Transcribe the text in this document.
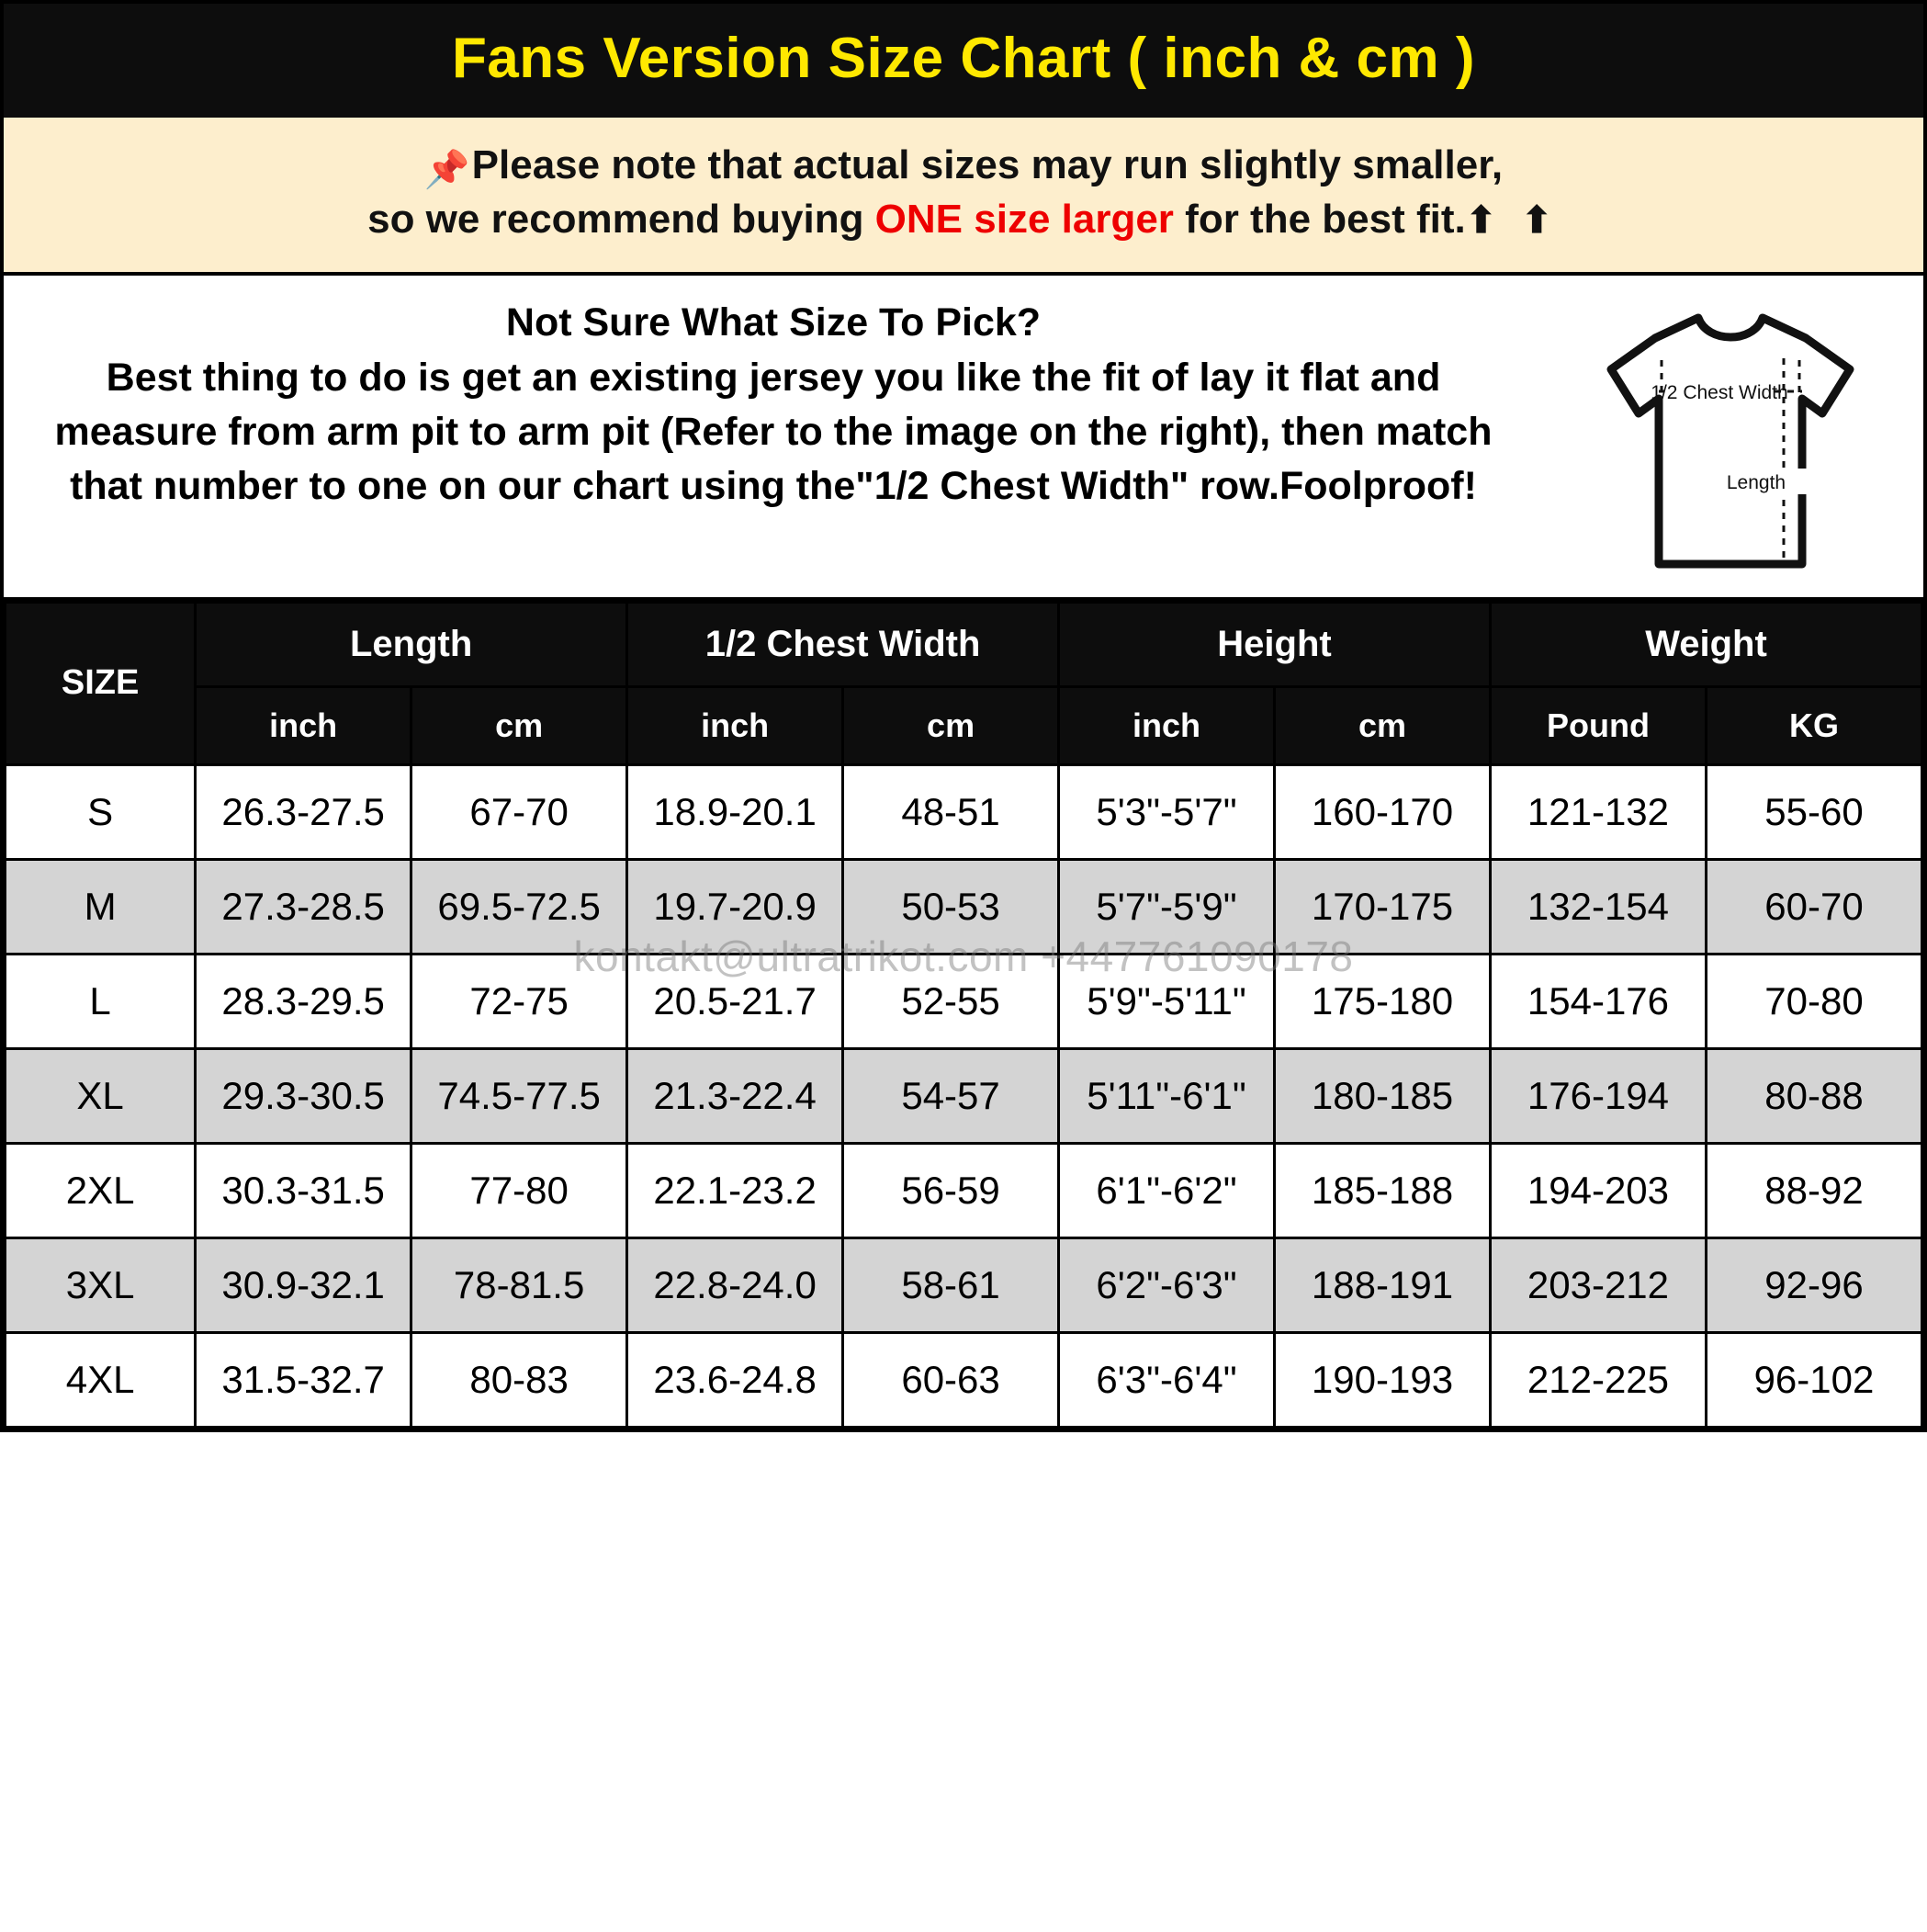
Fans Version Size Chart ( inch & cm )
📌Please note that actual sizes may run slightly smaller,
so we recommend buying ONE size larger for the best fit.⬆ ⬆
Not Sure What Size To Pick?
Best thing to do is get an existing jersey you like the fit of lay it flat and measure from arm pit to arm pit (Refer to the image on the right), then match that number to one on our chart using the"1/2 Chest Width" row.Foolproof!
1/2 Chest Width
Length
SIZE	Length		1/2 Chest Width		Height		Weight	
	inch	cm	inch	cm	inch	cm	Pound	KG
S	26.3-27.5	67-70	18.9-20.1	48-51	5'3"-5'7"	160-170	121-132	55-60
M	27.3-28.5	69.5-72.5	19.7-20.9	50-53	5'7"-5'9"	170-175	132-154	60-70
L	28.3-29.5	72-75	20.5-21.7	52-55	5'9"-5'11"	175-180	154-176	70-80
XL	29.3-30.5	74.5-77.5	21.3-22.4	54-57	5'11"-6'1"	180-185	176-194	80-88
2XL	30.3-31.5	77-80	22.1-23.2	56-59	6'1"-6'2"	185-188	194-203	88-92
3XL	30.9-32.1	78-81.5	22.8-24.0	58-61	6'2"-6'3"	188-191	203-212	92-96
4XL	31.5-32.7	80-83	23.6-24.8	60-63	6'3"-6'4"	190-193	212-225	96-102
kontakt@ultratrikot.com +447761090178
